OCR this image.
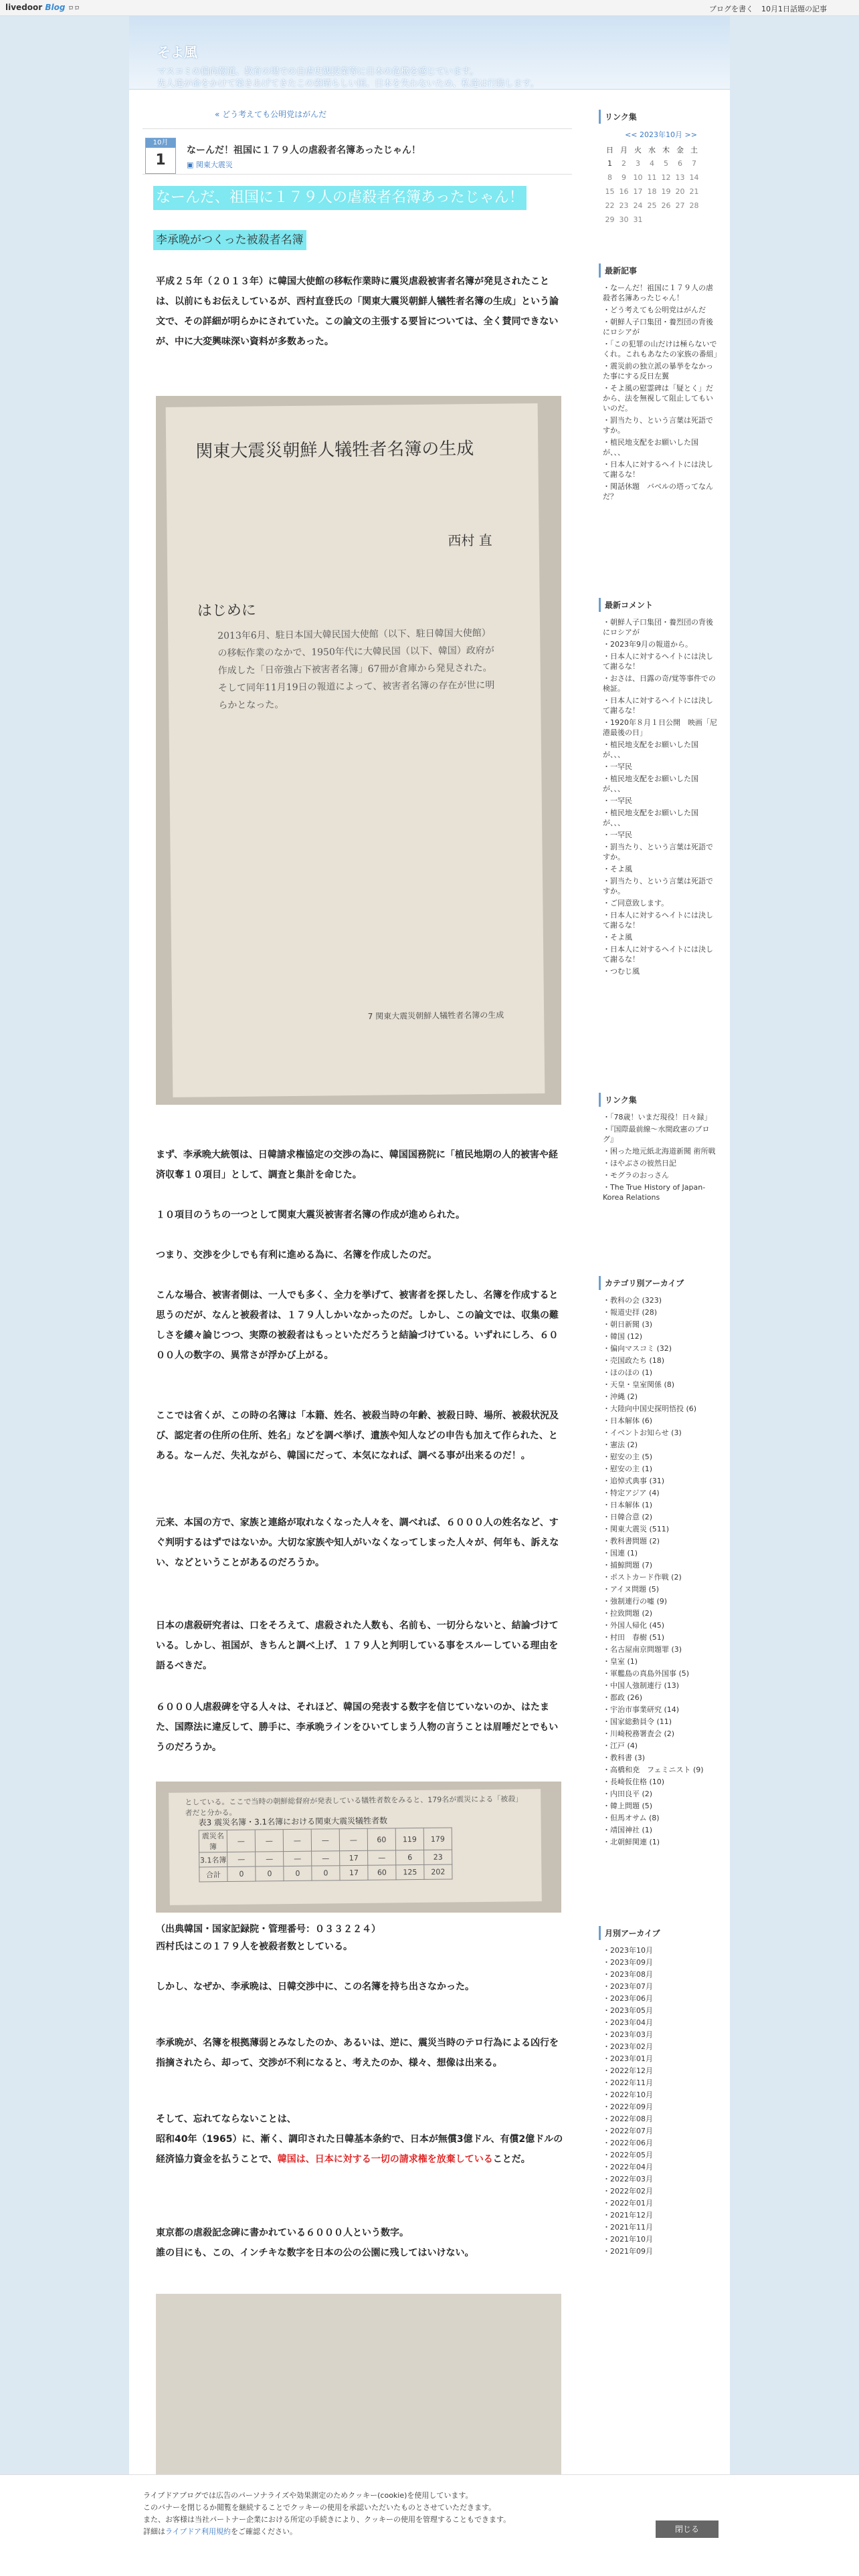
livedoor Blog ロロ	ブログを書く 10月1日話題の記事
そよ風
マスコミの偏向報道、教育の場での自虐史観授業等に日本の危機を感じています。
先人達が命をかけて築きあげてきたこの素晴らしい国、日本を失わないため、私達は行動します。
« どう考えても公明党はがんだ
10月
1
なーんだ！祖国に１７９人の虐殺者名簿あったじゃん！
▣ 関東大震災
なーんだ、祖国に１７９人の虐殺者名簿あったじゃん！
李承晩がつくった被殺者名簿
平成２５年（２０１３年）に韓国大使館の移転作業時に震災虐殺被害者名簿が発見されたことは、以前にもお伝えしているが、西村直登氏の「関東大震災朝鮮人犠牲者名簿の生成」という論文で、その詳細が明らかにされていた。この論文の主張する要旨については、全く賛同できないが、中に大変興味深い資料が多数あった。
関東大震災朝鮮人犠牲者名簿の生成
西村 直
はじめに
2013年6月、駐日本国大韓民国大使館（以下、駐日韓国大使館）の移転作業のなかで、1950年代に大韓民国（以下、韓国）政府が作成した「日帝強占下被害者名簿」67冊が倉庫から発見された。そして同年11月19日の報道によって、被害者名簿の存在が世に明らかとなった。
7 関東大震災朝鮮人犠牲者名簿の生成
まず、李承晩大統領は、日韓請求権協定の交渉の為に、韓国国務院に「植民地期の人的被害や経済収奪１０項目」として、調査と集計を命じた。
１０項目のうちの一つとして関東大震災被害者名簿の作成が進められた。
つまり、交渉を少しでも有利に進める為に、名簿を作成したのだ。
こんな場合、被害者側は、一人でも多く、全力を挙げて、被害者を探したし、名簿を作成すると思うのだが、なんと被殺者は、１７９人しかいなかったのだ。しかし、この論文では、収集の難しさを縷々論じつつ、実際の被殺者はもっといただろうと結論づけている。いずれにしろ、６０００人の数字の、異常さが浮かび上がる。
ここでは省くが、この時の名簿は「本籍、姓名、被殺当時の年齢、被殺日時、場所、被殺状況及び、認定者の住所の住所、姓名」などを調べ挙げ、遺族や知人などの申告も加えて作られた、とある。なーんだ、失礼ながら、韓国にだって、本気になれば、調べる事が出来るのだ！。
元来、本国の方で、家族と連絡が取れなくなった人々を、調べれば、６０００人の姓名など、すぐ判明するはずではないか。大切な家族や知人がいなくなってしまった人々が、何年も、訴えない、などということがあるのだろうか。
日本の虐殺研究者は、口をそろえて、虐殺された人数も、名前も、一切分らないと、結論づけている。しかし、祖国が、きちんと調べ上げ、１７９人と判明している事をスルーしている理由を語るべきだ。
６０００人虐殺碑を守る人々は、それほど、韓国の発表する数字を信じていないのか、はたまた、国際法に違反して、勝手に、李承晩ラインをひいてしまう人物の言うことは眉唾だとでもいうのだろうか。
としている。ここで当時の朝鮮総督府が発表している犠牲者数をみると、179名が震災による「被殺」者だと分かる。
表3 震災名簿・3.1名簿における関東大震災犠牲者数
震災名簿	—	—	—	—	—	60	119	179
3.1名簿	—	—	—	—	17	—	6	23
合計	0	0	0	0	17	60	125	202
（出典韓国・国家記録院・管理番号：０３３２２４）
西村氏はこの１７９人を被殺者数としている。
しかし、なぜか、李承晩は、日韓交渉中に、この名簿を持ち出さなかった。
李承晩が、名簿を根拠薄弱とみなしたのか、あるいは、逆に、震災当時のテロ行為による凶行を指摘されたら、却って、交渉が不利になると、考えたのか、様々、想像は出来る。
そして、忘れてならないことは、
昭和40年（1965）に、漸く、調印された日韓基本条約で、日本が無償3億ドル、有償2億ドルの経済協力資金を払うことで、韓国は、日本に対する一切の請求権を放棄していることだ。
東京都の虐殺記念碑に書かれている６０００人という数字。
誰の目にも、この、インチキな数字を日本の公の公園に残してはいけない。
リンク集
<< 2023年10月 >>
日	月	火	水	木	金	土
1	2	3	4	5	6	7
8	9	10	11	12	13	14
15	16	17	18	19	20	21
22	23	24	25	26	27	28
29	30	31				
最新記事
・なーんだ！祖国に１７９人の虐殺者名簿あったじゃん！
・どう考えても公明党はがんだ
・朝鮮人子口集団・養烈団の背後にロシアが
・「この犯罪の山だけは極らないでくれ。これもあなたの家族の番組」
・震災前の独立派の暴挙をなかった事にする反日左翼
・そよ風の慰霊碑は「疑とく」だから、法を無視して阻止してもいいのだ。
・罰当たり、という言葉は死語ですか。
・植民地支配をお願いした国が、、、
・日本人に対するヘイトには決して謝るな！
・関話休題　バベルの塔ってなんだ？
最新コメント
・朝鮮人子口集団・養烈団の背後にロシアが
・2023年9月の報道から。
・日本人に対するヘイトには決して謝るな！
・おさは、日露の奇/覚等事件での検証。
・日本人に対するヘイトには決して謝るな！
・1920年８月１日公開　映画「尼港最後の日」
・植民地支配をお願いした国が、、、
・一罕民
・植民地支配をお願いした国が、、、
・一罕民
・植民地支配をお願いした国が、、、
・一罕民
・罰当たり、という言葉は死語ですか。
・そよ風
・罰当たり、という言葉は死語ですか。
・ご同意致します。
・日本人に対するヘイトには決して謝るな！
・そよ風
・日本人に対するヘイトには決して謝るな！
・つむじ風
リンク集
・「78歳！いまだ現役！日々録」
・『国際最前線～水間政憲のブログ』
・困った地元紙北海道新聞 術所戦
・ほやぶさの彼然日記
・モグラのおっさん
・The True History of Japan-Korea Relations
カテゴリ別アーカイブ
・教科の会 (323)
・報道史拝 (28)
・朝日新聞 (3)
・韓国 (12)
・偏向マスコミ (32)
・売国政たち (18)
・ほのほの (1)
・天皇・皇室関係 (8)
・沖縄 (2)
・大陸向中国史探明悟投 (6)
・日本解体 (6)
・イベントお知らせ (3)
・憲法 (2)
・慰安の主 (5)
・慰安の主 (1)
・追悼式典事 (31)
・特定アジア (4)
・日本解体 (1)
・日韓合意 (2)
・関東大震災 (511)
・教科書問題 (2)
・国連 (1)
・捕鯨問題 (7)
・ポストカード作戦 (2)
・アイヌ問題 (5)
・強制連行の嘘 (9)
・拉致問題 (2)
・外国人帰化 (45)
・村田　春樹 (51)
・名古屋南京問題罪 (3)
・皇室 (1)
・軍艦島の真島外国事 (5)
・中国人強制連行 (13)
・都政 (26)
・宇治市事業研究 (14)
・国家総動員令 (11)
・川崎税務署査会 (2)
・江戸 (4)
・教科書 (3)
・高橋和尭　フェミニスト (9)
・長崎仮住格 (10)
・内田良平 (2)
・韓上問題 (5)
・但馬オサム (8)
・靖国神社 (1)
・北朝鮮関連 (1)
月別アーカイブ
・2023年10月
・2023年09月
・2023年08月
・2023年07月
・2023年06月
・2023年05月
・2023年04月
・2023年03月
・2023年02月
・2023年01月
・2022年12月
・2022年11月
・2022年10月
・2022年09月
・2022年08月
・2022年07月
・2022年06月
・2022年05月
・2022年04月
・2022年03月
・2022年02月
・2022年01月
・2021年12月
・2021年11月
・2021年10月
・2021年09月

ライブドアブログでは広告のパーソナライズや効果測定のためクッキー(cookie)を使用しています。

このバナーを閉じるか閲覧を継続することでクッキーの使用を承認いただいたものとさせていただきます。

また、お客様は当社パートナー企業における所定の手続きにより、クッキーの使用を管理することもできます。

詳細はライブドア利用規約をご確認ください。	閉じる
